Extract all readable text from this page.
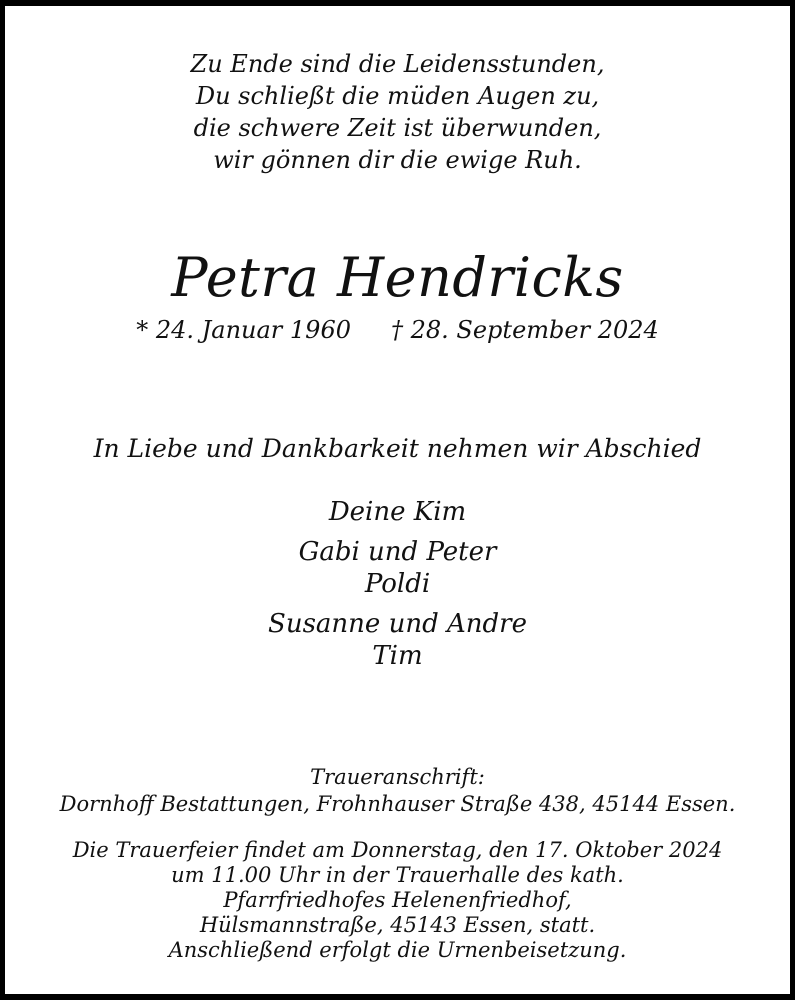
Zu Ende sind die Leidensstunden,
Du schließt die müden Augen zu,
die schwere Zeit ist überwunden,
wir gönnen dir die ewige Ruh.
Petra Hendricks
* 24. Januar 1960 † 28. September 2024
In Liebe und Dankbarkeit nehmen wir Abschied
Deine Kim
Gabi und Peter
Poldi
Susanne und Andre
Tim
Traueranschrift:
Dornhoff Bestattungen, Frohnhauser Straße 438, 45144 Essen.
Die Trauerfeier findet am Donnerstag, den 17. Oktober 2024
um 11.00 Uhr in der Trauerhalle des kath.
Pfarrfriedhofes Helenenfriedhof,
Hülsmannstraße, 45143 Essen, statt.
Anschließend erfolgt die Urnenbeisetzung.
